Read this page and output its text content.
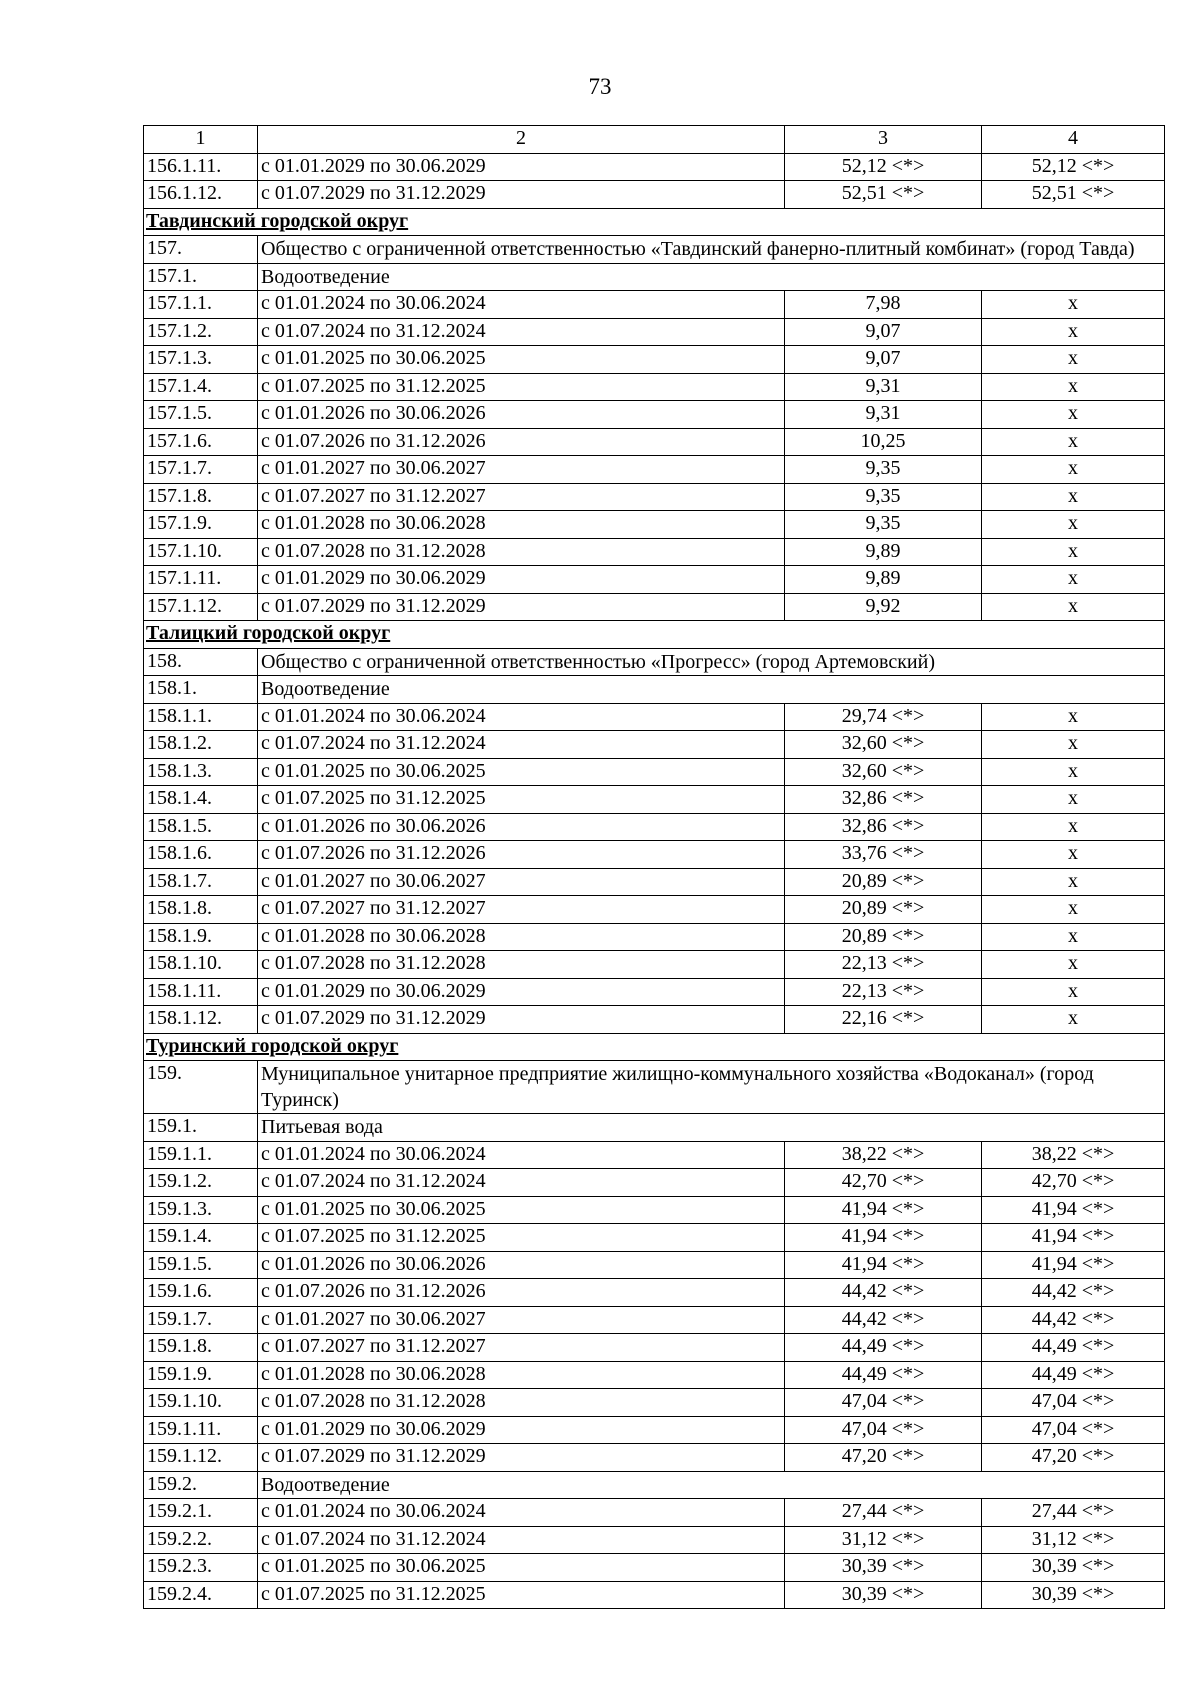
73
1	2	3	4
156.1.11.	с 01.01.2029 по 30.06.2029	52,12 <*>	52,12 <*>
156.1.12.	с 01.07.2029 по 31.12.2029	52,51 <*>	52,51 <*>
Тавдинский городской округ			
157.	Общество с ограниченной ответственностью «Тавдинский фанерно-плитный комбинат» (город Тавда)		
157.1.	Водоотведение		
157.1.1.	с 01.01.2024 по 30.06.2024	7,98	х
157.1.2.	с 01.07.2024 по 31.12.2024	9,07	х
157.1.3.	с 01.01.2025 по 30.06.2025	9,07	х
157.1.4.	с 01.07.2025 по 31.12.2025	9,31	х
157.1.5.	с 01.01.2026 по 30.06.2026	9,31	х
157.1.6.	с 01.07.2026 по 31.12.2026	10,25	х
157.1.7.	с 01.01.2027 по 30.06.2027	9,35	х
157.1.8.	с 01.07.2027 по 31.12.2027	9,35	х
157.1.9.	с 01.01.2028 по 30.06.2028	9,35	х
157.1.10.	с 01.07.2028 по 31.12.2028	9,89	х
157.1.11.	с 01.01.2029 по 30.06.2029	9,89	х
157.1.12.	с 01.07.2029 по 31.12.2029	9,92	х
Талицкий городской округ			
158.	Общество с ограниченной ответственностью «Прогресс» (город Артемовский)		
158.1.	Водоотведение		
158.1.1.	с 01.01.2024 по 30.06.2024	29,74 <*>	х
158.1.2.	с 01.07.2024 по 31.12.2024	32,60 <*>	х
158.1.3.	с 01.01.2025 по 30.06.2025	32,60 <*>	х
158.1.4.	с 01.07.2025 по 31.12.2025	32,86 <*>	х
158.1.5.	с 01.01.2026 по 30.06.2026	32,86 <*>	х
158.1.6.	с 01.07.2026 по 31.12.2026	33,76 <*>	х
158.1.7.	с 01.01.2027 по 30.06.2027	20,89 <*>	х
158.1.8.	с 01.07.2027 по 31.12.2027	20,89 <*>	х
158.1.9.	с 01.01.2028 по 30.06.2028	20,89 <*>	х
158.1.10.	с 01.07.2028 по 31.12.2028	22,13 <*>	х
158.1.11.	с 01.01.2029 по 30.06.2029	22,13 <*>	х
158.1.12.	с 01.07.2029 по 31.12.2029	22,16 <*>	х
Туринский городской округ			
159.	Муниципальное унитарное предприятие жилищно-коммунального хозяйства «Водоканал» (город Туринск)		
159.1.	Питьевая вода		
159.1.1.	с 01.01.2024 по 30.06.2024	38,22 <*>	38,22 <*>
159.1.2.	с 01.07.2024 по 31.12.2024	42,70 <*>	42,70 <*>
159.1.3.	с 01.01.2025 по 30.06.2025	41,94 <*>	41,94 <*>
159.1.4.	с 01.07.2025 по 31.12.2025	41,94 <*>	41,94 <*>
159.1.5.	с 01.01.2026 по 30.06.2026	41,94 <*>	41,94 <*>
159.1.6.	с 01.07.2026 по 31.12.2026	44,42 <*>	44,42 <*>
159.1.7.	с 01.01.2027 по 30.06.2027	44,42 <*>	44,42 <*>
159.1.8.	с 01.07.2027 по 31.12.2027	44,49 <*>	44,49 <*>
159.1.9.	с 01.01.2028 по 30.06.2028	44,49 <*>	44,49 <*>
159.1.10.	с 01.07.2028 по 31.12.2028	47,04 <*>	47,04 <*>
159.1.11.	с 01.01.2029 по 30.06.2029	47,04 <*>	47,04 <*>
159.1.12.	с 01.07.2029 по 31.12.2029	47,20 <*>	47,20 <*>
159.2.	Водоотведение		
159.2.1.	с 01.01.2024 по 30.06.2024	27,44 <*>	27,44 <*>
159.2.2.	с 01.07.2024 по 31.12.2024	31,12 <*>	31,12 <*>
159.2.3.	с 01.01.2025 по 30.06.2025	30,39 <*>	30,39 <*>
159.2.4.	с 01.07.2025 по 31.12.2025	30,39 <*>	30,39 <*>
